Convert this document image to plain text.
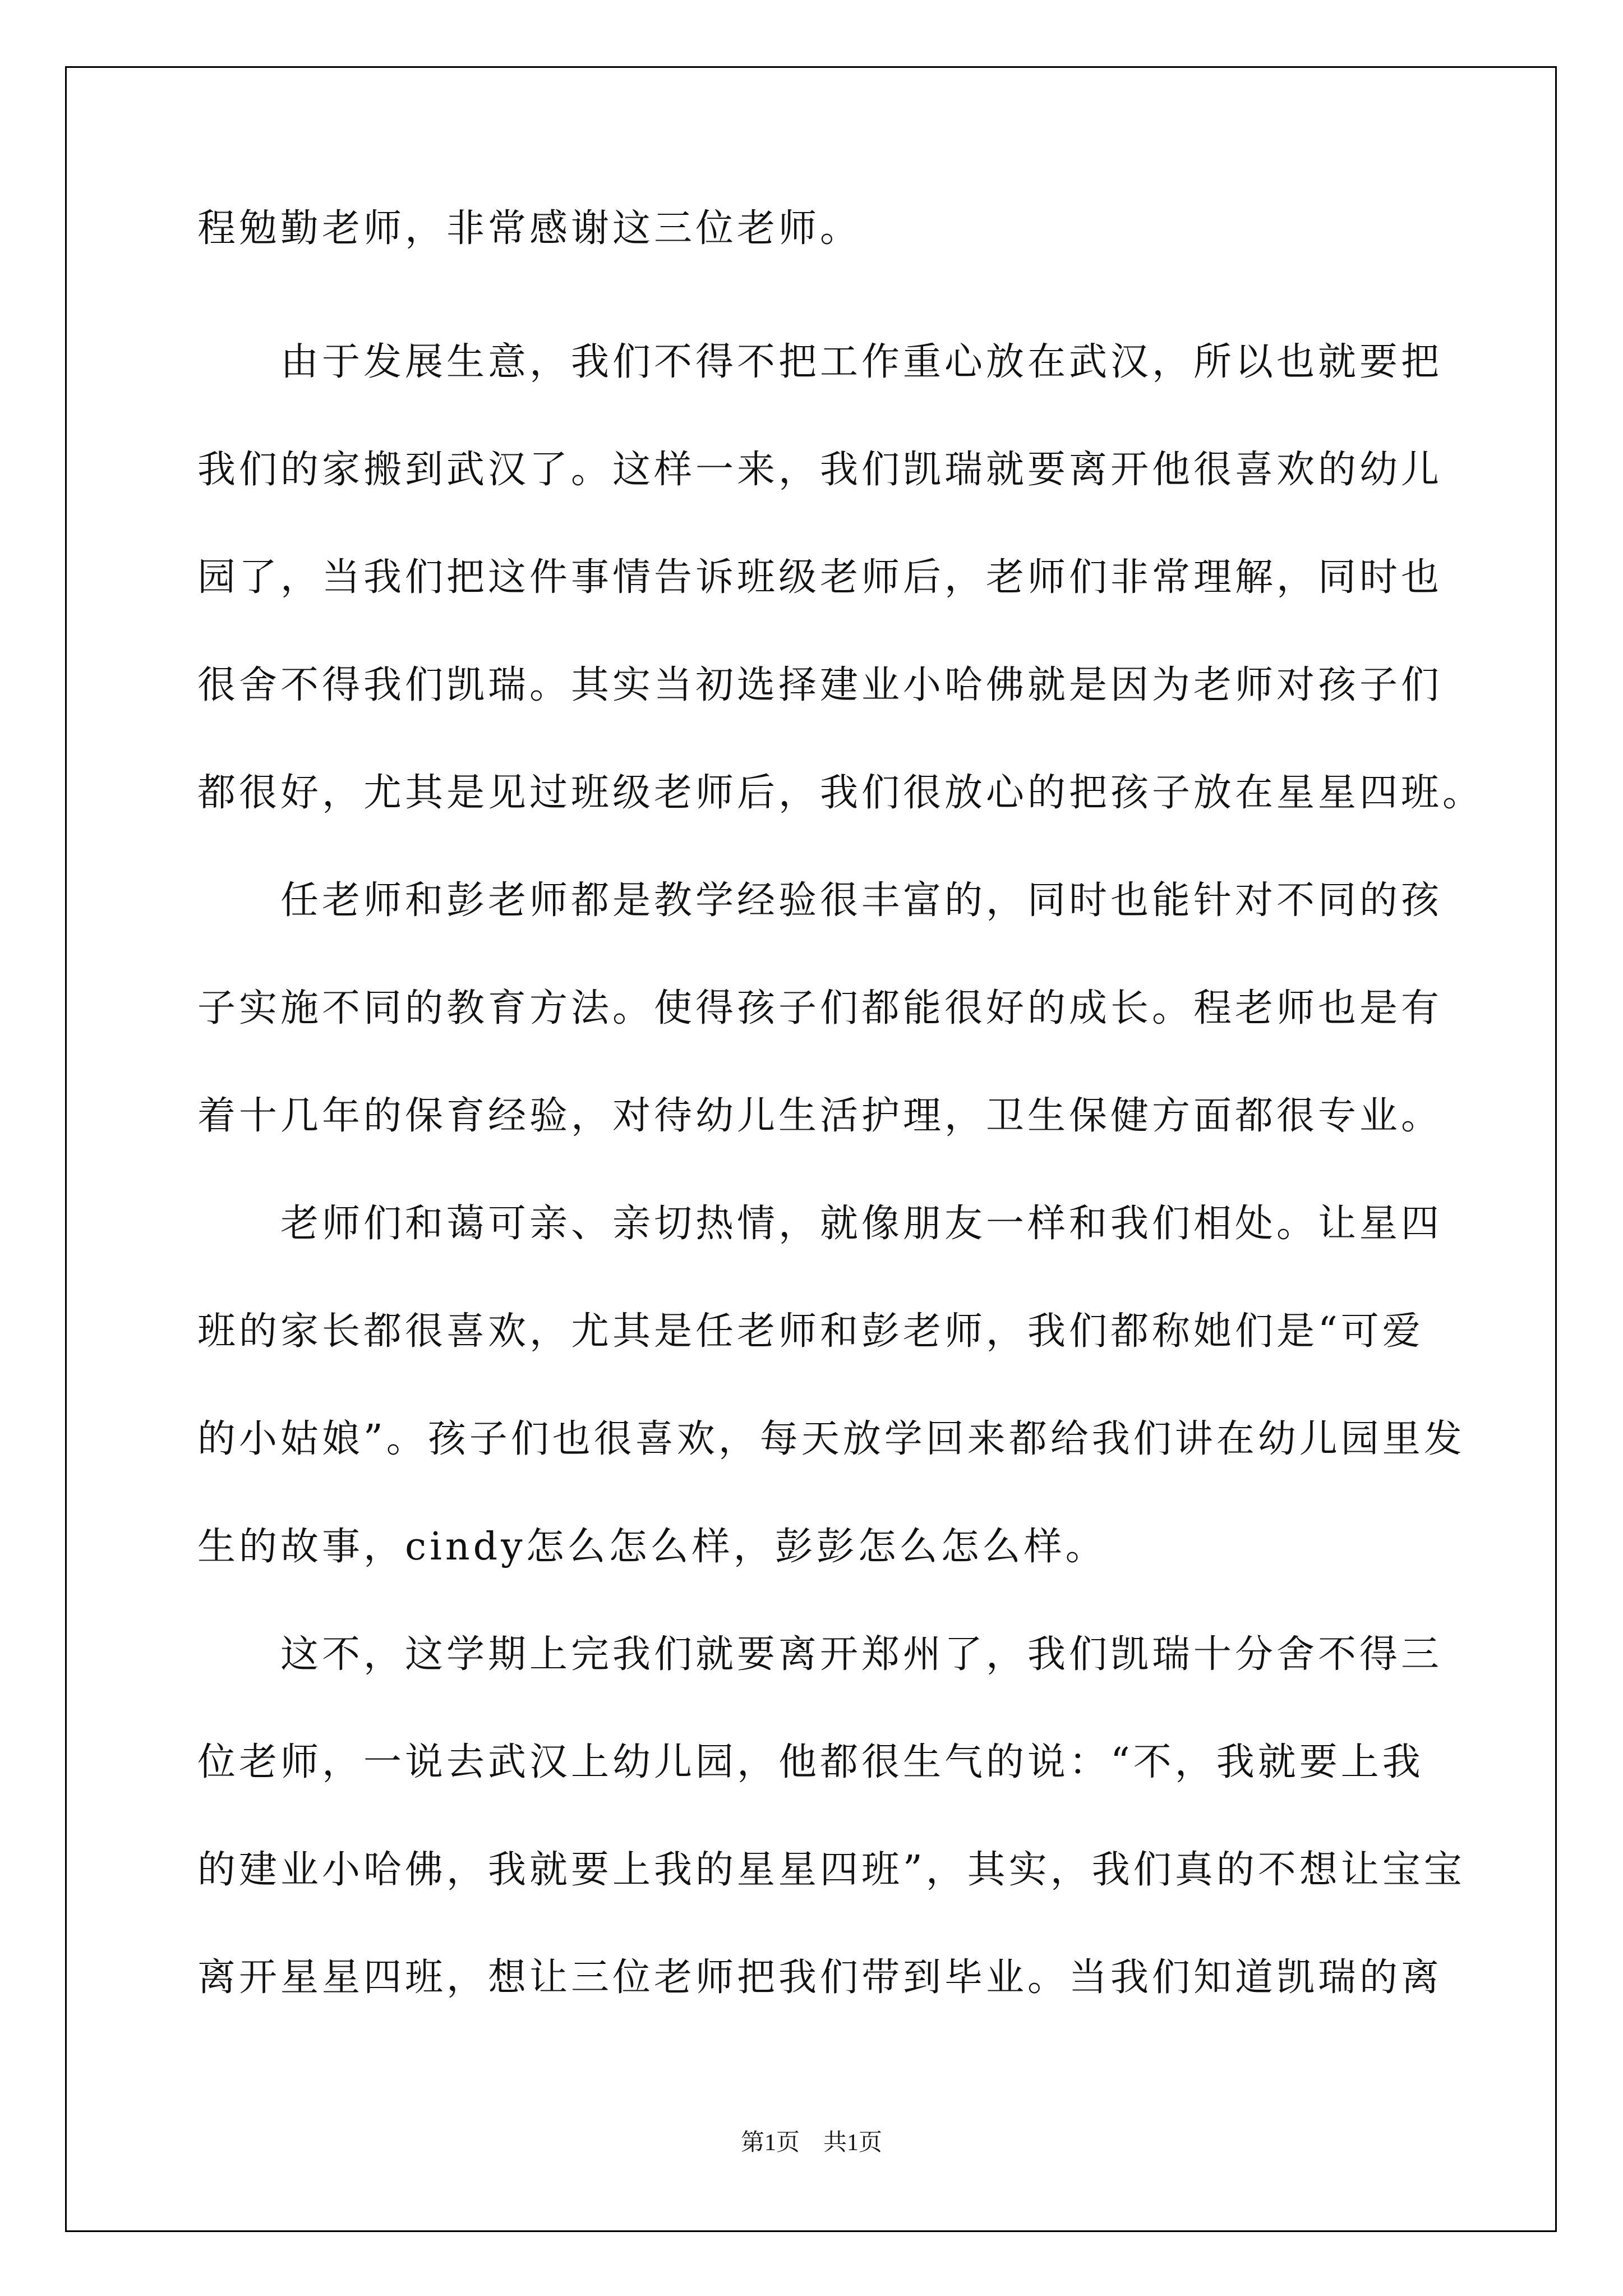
程勉勤老师，非常感谢这三位老师。
　　由于发展生意，我们不得不把工作重心放在武汉，所以也就要把
我们的家搬到武汉了。这样一来，我们凯瑞就要离开他很喜欢的幼儿
园了，当我们把这件事情告诉班级老师后，老师们非常理解，同时也
很舍不得我们凯瑞。其实当初选择建业小哈佛就是因为老师对孩子们
都很好，尤其是见过班级老师后，我们很放心的把孩子放在星星四班。
　　任老师和彭老师都是教学经验很丰富的，同时也能针对不同的孩
子实施不同的教育方法。使得孩子们都能很好的成长。程老师也是有
着十几年的保育经验，对待幼儿生活护理，卫生保健方面都很专业。
　　老师们和蔼可亲、亲切热情，就像朋友一样和我们相处。让星四
班的家长都很喜欢，尤其是任老师和彭老师，我们都称她们是“可爱
的小姑娘”。孩子们也很喜欢，每天放学回来都给我们讲在幼儿园里发
生的故事，cindy怎么怎么样，彭彭怎么怎么样。
　　这不，这学期上完我们就要离开郑州了，我们凯瑞十分舍不得三
位老师，一说去武汉上幼儿园，他都很生气的说：“不，我就要上我
的建业小哈佛，我就要上我的星星四班”，其实，我们真的不想让宝宝
离开星星四班，想让三位老师把我们带到毕业。当我们知道凯瑞的离
第1页　共1页
